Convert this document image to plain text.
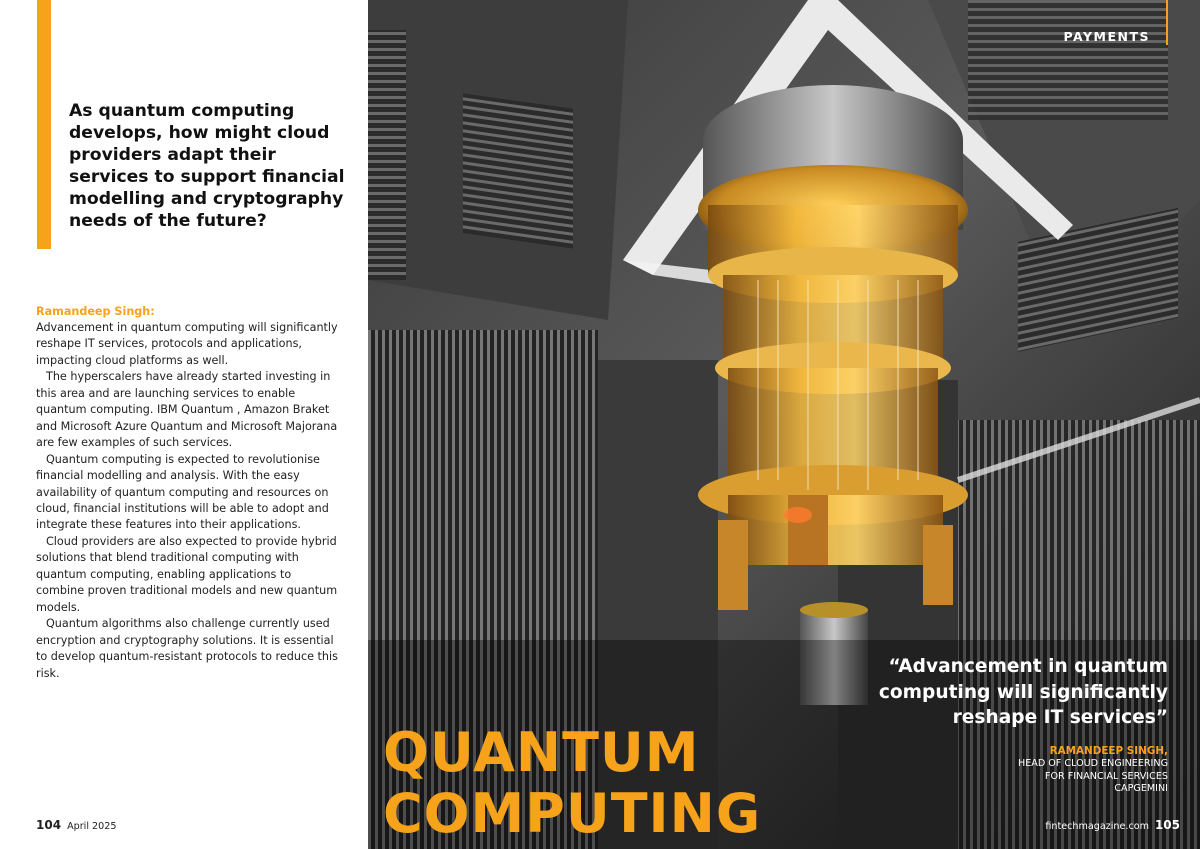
As quantum computing develops, how might cloud providers adapt their services to support financial modelling and cryptography needs of the future?

Ramandeep Singh:

Advancement in quantum computing will significantly reshape IT services, protocols and applications, impacting cloud platforms as well.

The hyperscalers have already started investing in this area and are launching services to enable quantum computing. IBM Quantum , Amazon Braket and Microsoft Azure Quantum and Microsoft Majorana are few examples of such services.

Quantum computing is expected to revolutionise financial modelling and analysis. With the easy availability of quantum computing and resources on cloud, financial institutions will be able to adopt and integrate these features into their applications.

Cloud providers are also expected to provide hybrid solutions that blend traditional computing with quantum computing, enabling applications to combine proven traditional models and new quantum models.

Quantum algorithms also challenge currently used encryption and cryptography solutions. It is essential to develop quantum-resistant protocols to reduce this risk.

104 April 2025

PAYMENTS

QUANTUM
COMPUTING

“Advancement in quantum computing will significantly reshape IT services”

RAMANDEEP SINGH,
HEAD OF CLOUD ENGINEERING
FOR FINANCIAL SERVICES
CAPGEMINI
fintechmagazine.com 105
